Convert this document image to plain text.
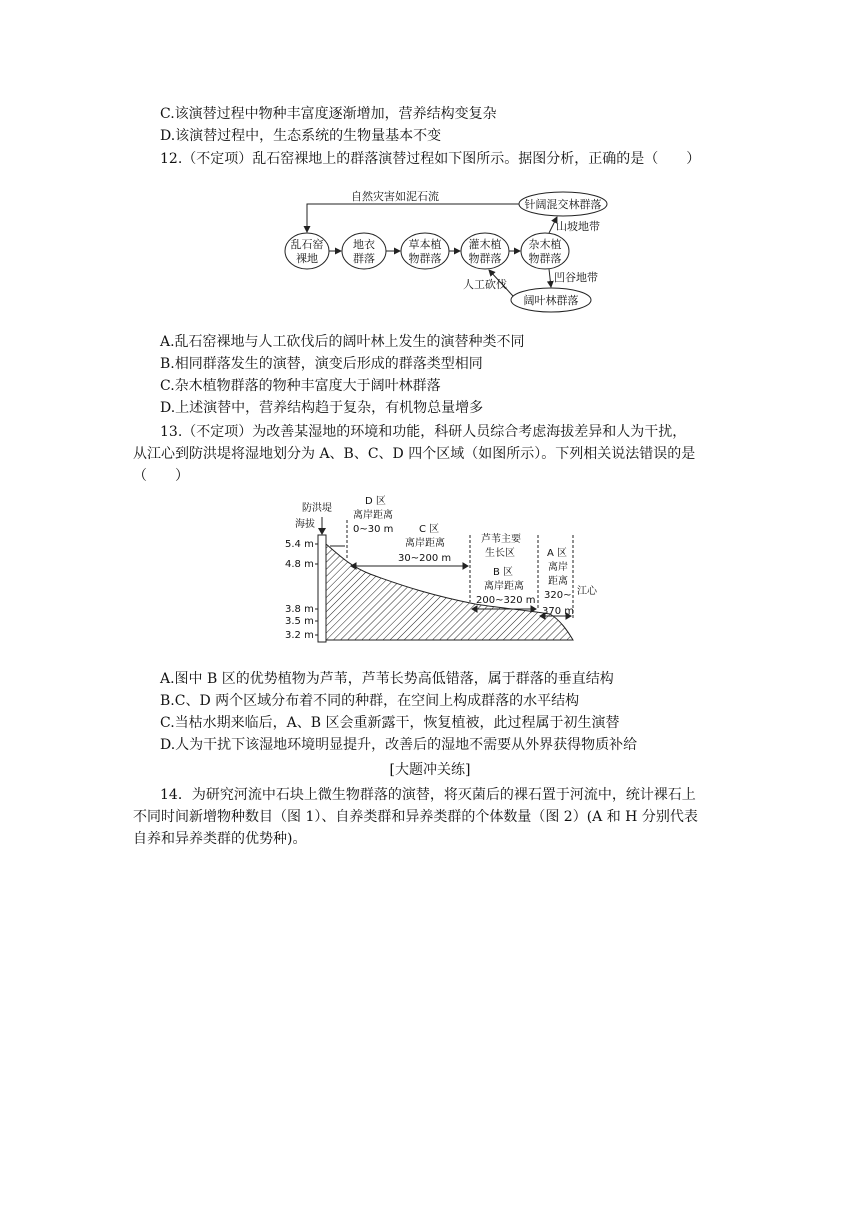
C.该演替过程中物种丰富度逐渐增加，营养结构变复杂
D.该演替过程中，生态系统的生物量基本不变
12.（不定项）乱石窑裸地上的群落演替过程如下图所示。据图分析，正确的是（　　）
自然灾害如泥石流
针阔混交林群落
乱石窑
裸地
地衣
群落
草本植
物群落
灌木植
物群落
杂木植
物群落
山坡地带
凹谷地带
人工砍伐
阔叶林群落
A.乱石窑裸地与人工砍伐后的阔叶林上发生的演替种类不同
B.相同群落发生的演替，演变后形成的群落类型相同
C.杂木植物群落的物种丰富度大于阔叶林群落
D.上述演替中，营养结构趋于复杂，有机物总量增多
13.（不定项）为改善某湿地的环境和功能，科研人员综合考虑海拔差异和人为干扰，
从江心到防洪堤将湿地划分为 A、B、C、D 四个区域（如图所示）。下列相关说法错误的是
（　　）
防洪堤
海拔
5.4 m
4.8 m
3.8 m
3.5 m
3.2 m
D 区
离岸距离
0~30 m	C 区
离岸距离
30~200 m
芦苇主要
生长区
B 区
离岸距离
200~320 m
A 区
离岸
距离
320~
370 m
江心
A.图中 B 区的优势植物为芦苇，芦苇长势高低错落，属于群落的垂直结构
B.C、D 两个区域分布着不同的种群，在空间上构成群落的水平结构
C.当枯水期来临后，A、B 区会重新露干，恢复植被，此过程属于初生演替
D.人为干扰下该湿地环境明显提升，改善后的湿地不需要从外界获得物质补给
[大题冲关练]
14．为研究河流中石块上微生物群落的演替，将灭菌后的裸石置于河流中，统计裸石上
不同时间新增物种数目（图 1）、自养类群和异养类群的个体数量（图 2）(A 和 H 分别代表
自养和异养类群的优势种)。
